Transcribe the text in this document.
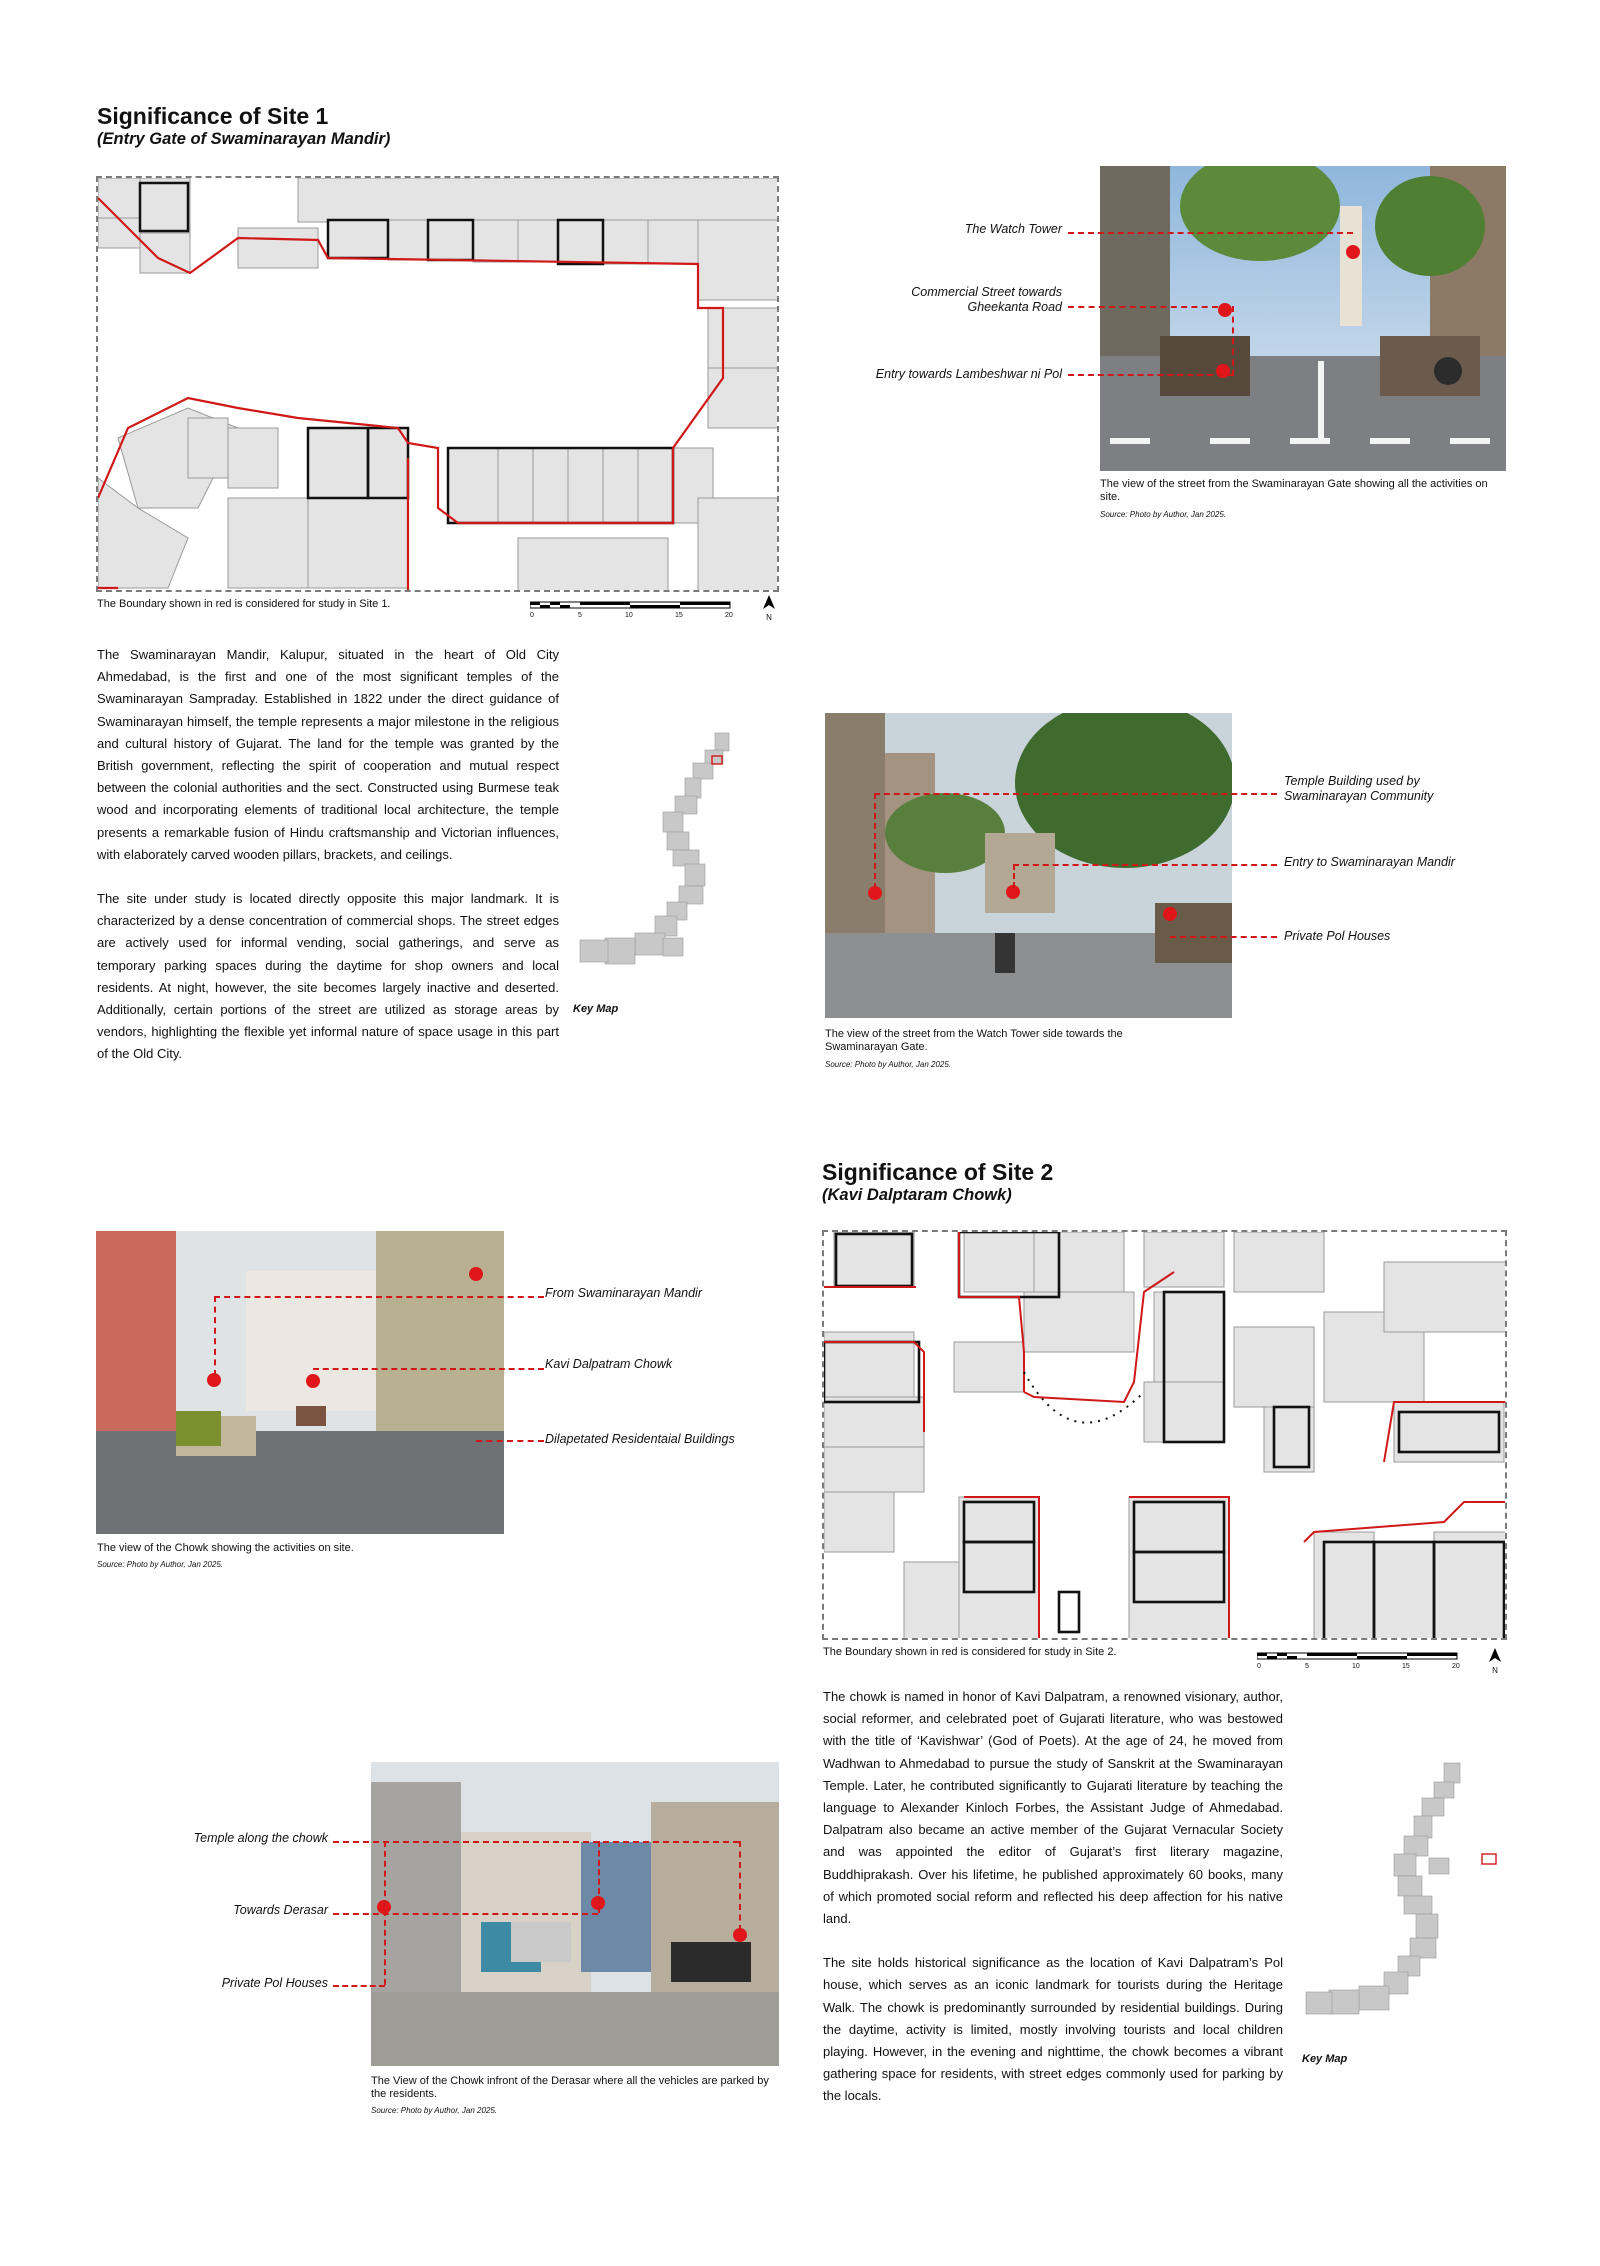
Significance of Site 1
(Entry Gate of Swaminarayan Mandir)
The Boundary shown in red is considered for study in Site 1.
0	5	10	15	20	N
The Watch Tower
Commercial Street towards
Gheekanta Road
Entry towards Lambeshwar ni Pol
The view of the street from the Swaminarayan Gate showing all the activities on site.
Source: Photo by Author, Jan 2025.

The Swaminarayan Mandir, Kalupur, situated in the heart of Old City Ahmedabad, is the first and one of the most significant temples of the Swaminarayan Sampraday. Established in 1822 under the direct guidance of Swaminarayan himself, the temple represents a major milestone in the religious and cultural history of Gujarat. The land for the temple was granted by the British government, reflecting the spirit of cooperation and mutual respect between the colonial authorities and the sect. Constructed using Burmese teak wood and incorporating elements of traditional local architecture, the temple presents a remarkable fusion of Hindu craftsmanship and Victorian influences, with elaborately carved wooden pillars, brackets, and ceilings.

The site under study is located directly opposite this major landmark. It is characterized by a dense concentration of commercial shops. The street edges are actively used for informal vending, social gatherings, and serve as temporary parking spaces during the daytime for shop owners and local residents. At night, however, the site becomes largely inactive and deserted. Additionally, certain portions of the street are utilized as storage areas by vendors, highlighting the flexible yet informal nature of space usage in this part of the Old City.

Key Map
Temple Building used by
Swaminarayan Community
Entry to Swaminarayan Mandir
Private Pol Houses
The view of the street from the Watch Tower side towards the Swaminarayan Gate.
Source: Photo by Author, Jan 2025.
Significance of Site 2
(Kavi Dalptaram Chowk)
From Swaminarayan Mandir
Kavi Dalpatram Chowk
Dilapetated Residentaial Buildings
The view of the Chowk showing the activities on site.
Source: Photo by Author, Jan 2025.
The Boundary shown in red is considered for study in Site 2.
0	5	10	15	20	N

The chowk is named in honor of Kavi Dalpatram, a renowned visionary, author, social reformer, and celebrated poet of Gujarati literature, who was bestowed with the title of ‘Kavishwar’ (God of Poets). At the age of 24, he moved from Wadhwan to Ahmedabad to pursue the study of Sanskrit at the Swaminarayan Temple. Later, he contributed significantly to Gujarati literature by teaching the language to Alexander Kinloch Forbes, the Assistant Judge of Ahmedabad. Dalpatram also became an active member of the Gujarat Vernacular Society and was appointed the editor of Gujarat’s first literary magazine, Buddhiprakash. Over his lifetime, he published approximately 60 books, many of which promoted social reform and reflected his deep affection for his native land.

The site holds historical significance as the location of Kavi Dalpatram’s Pol house, which serves as an iconic landmark for tourists during the Heritage Walk. The chowk is predominantly surrounded by residential buildings. During the daytime, activity is limited, mostly involving tourists and local children playing. However, in the evening and nighttime, the chowk becomes a vibrant gathering space for residents, with street edges commonly used for parking by the locals.

Key Map
Temple along the chowk
Towards Derasar
Private Pol Houses
The View of the Chowk infront of the Derasar where all the vehicles are parked by the residents.
Source: Photo by Author, Jan 2025.
